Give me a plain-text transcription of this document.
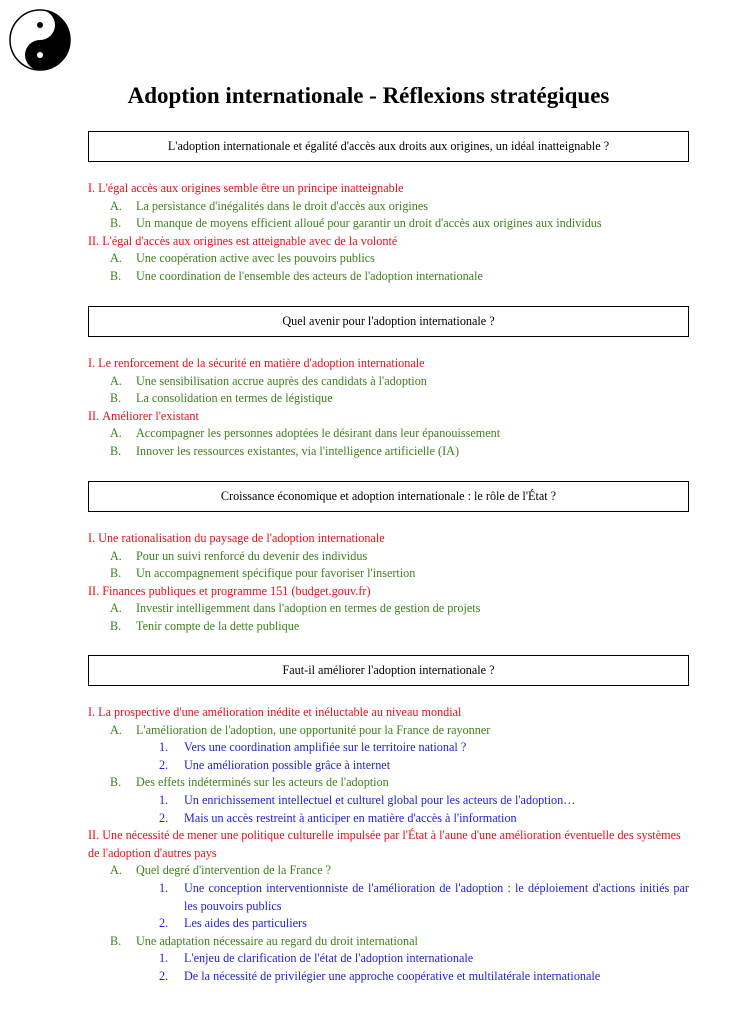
Adoption internationale - Réflexions stratégiques
L'adoption internationale et égalité d'accès aux droits aux origines, un idéal inatteignable ?
I.
L'égal accès aux origines semble être un principe inatteignable
A.	La persistance d'inégalités dans le droit d'accès aux origines
B.	Un manque de moyens efficient alloué pour garantir un droit d'accès aux origines aux individus
II.
L'égal d'accès aux origines est atteignable avec de la volonté
A.	Une coopération active avec les pouvoirs publics
B.	Une coordination de l'ensemble des acteurs de l'adoption internationale
Quel avenir pour l'adoption internationale ?
I.
Le renforcement de la sécurité en matière d'adoption internationale
A.	Une sensibilisation accrue auprès des candidats à l'adoption
B.	La consolidation en termes de légistique
II.
Améliorer l'existant
A.	Accompagner les personnes adoptées le désirant dans leur épanouissement
B.	Innover les ressources existantes, via l'intelligence artificielle (IA)
Croissance économique et adoption internationale : le rôle de l'État ?
I.
Une rationalisation du paysage de l'adoption internationale
A.	Pour un suivi renforcé du devenir des individus
B.	Un accompagnement spécifique pour favoriser l'insertion
II.
Finances publiques et programme 151 (budget.gouv.fr)
A.	Investir intelligemment dans l'adoption en termes de gestion de projets
B.	Tenir compte de la dette publique
Faut-il améliorer l'adoption internationale ?
I.
La prospective d'une amélioration inédite et inéluctable au niveau mondial
A.	L'amélioration de l'adoption, une opportunité pour la France de rayonner
1.	Vers une coordination amplifiée sur le territoire national ?
2.	Une amélioration possible grâce à internet
B.	Des effets indéterminés sur les acteurs de l'adoption
1.	Un enrichissement intellectuel et culturel global pour les acteurs de l'adoption…
2.	Mais un accès restreint à anticiper en matière d'accès à l'information
II. Une nécessité de mener une politique culturelle impulsée par l'État à l'aune d'une amélioration éventuelle des systèmes de l'adoption d'autres pays
A.	Quel degré d'intervention de la France ?
1.	Une conception interventionniste de l'amélioration de l'adoption : le déploiement d'actions initiés par les pouvoirs publics
2.	Les aides des particuliers
B.	Une adaptation nécessaire au regard du droit international
1.	L'enjeu de clarification de l'état de l'adoption internationale
2.	De la nécessité de privilégier une approche coopérative et multilatérale internationale
